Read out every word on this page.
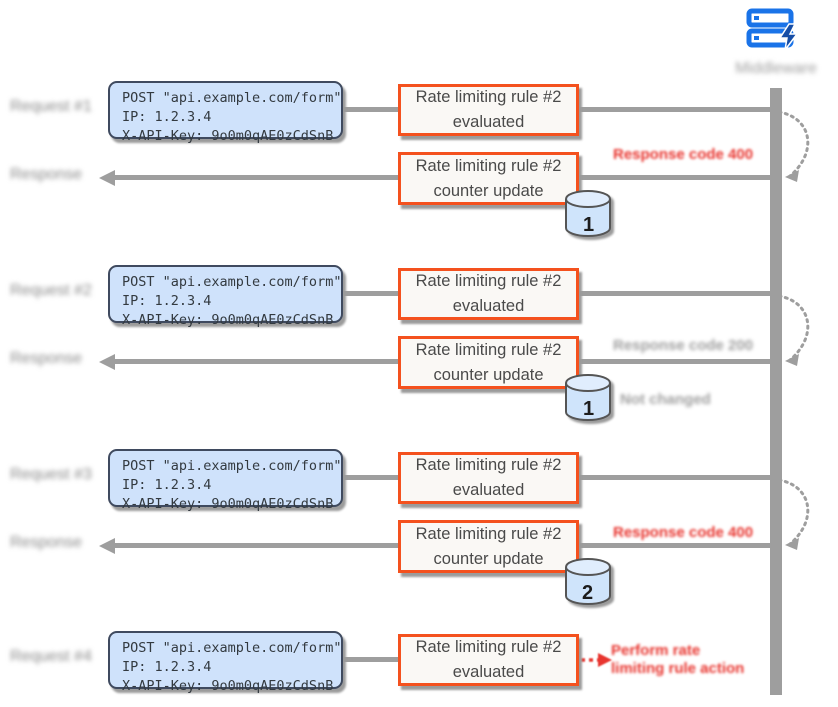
Middleware
Request #1
Response
POST "api.example.com/form"
IP: 1.2.3.4
X-API-Key: 9o0m0qAE0zCdSnB
Rate limiting rule #2 evaluated
Rate limiting rule #2 counter update
Response code 400
1
Request #2
Response
POST "api.example.com/form"
IP: 1.2.3.4
X-API-Key: 9o0m0qAE0zCdSnB
Rate limiting rule #2 evaluated
Rate limiting rule #2 counter update
Response code 200
Not changed
1
Request #3
Response
POST "api.example.com/form"
IP: 1.2.3.4
X-API-Key: 9o0m0qAE0zCdSnB
Rate limiting rule #2 evaluated
Rate limiting rule #2 counter update
Response code 400
2
Request #4	POST "api.example.com/form"
IP: 1.2.3.4
X-API-Key: 9o0m0qAE0zCdSnB
Rate limiting rule #2 evaluated
Perform rate
limiting rule action
